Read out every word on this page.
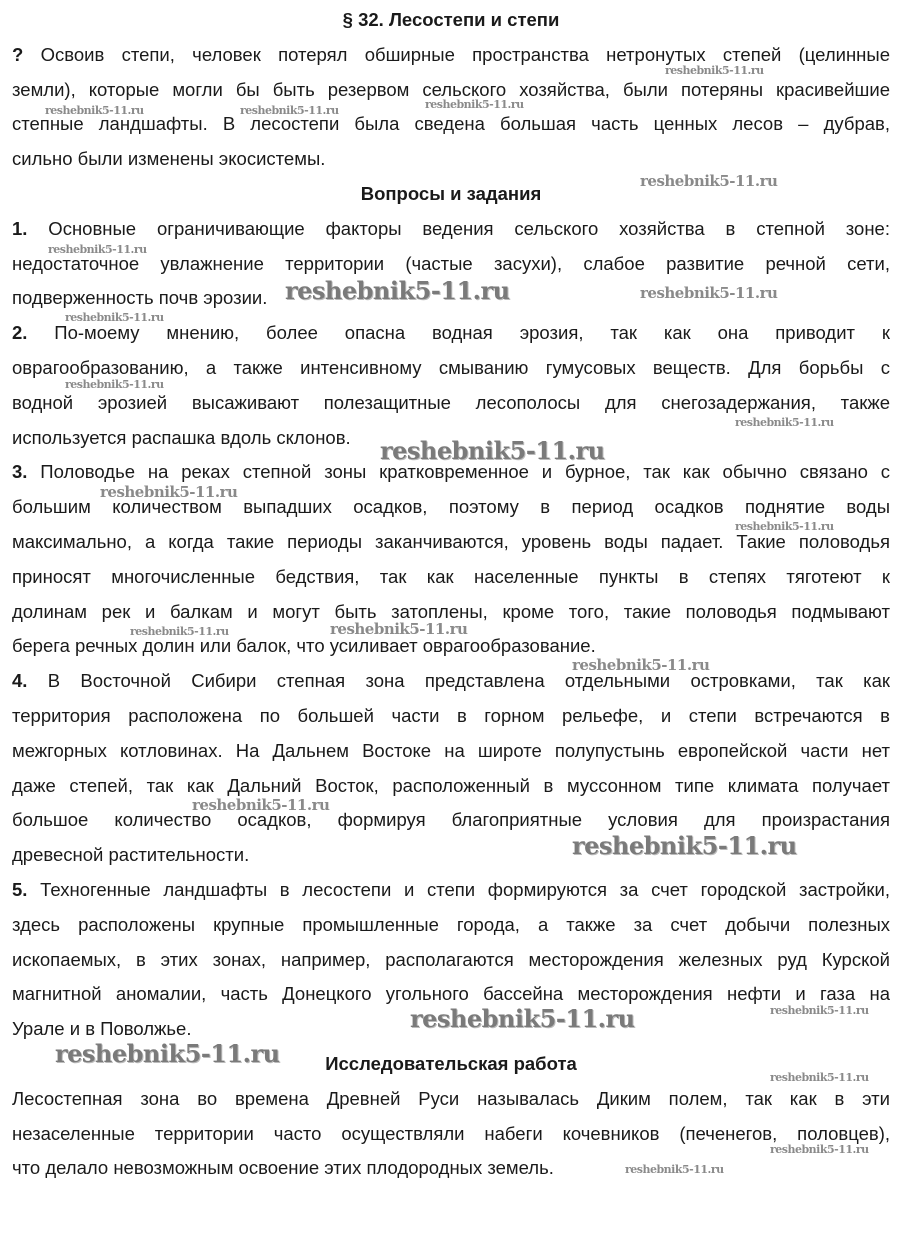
§ 32. Лесостепи и степи
? Освоив степи, человек потерял обширные пространства нетронутых степей (целинные
земли), которые могли бы быть резервом сельского хозяйства, были потеряны красивейшие
степные ландшафты. В лесостепи была сведена большая часть ценных лесов – дубрав,
сильно были изменены экосистемы.
Вопросы и задания
1. Основные ограничивающие факторы ведения сельского хозяйства в степной зоне:
недостаточное увлажнение территории (частые засухи), слабое развитие речной сети,
подверженность почв эрозии.
2. По-моему мнению, более опасна водная эрозия, так как она приводит к
оврагообразованию, а также интенсивному смыванию гумусовых веществ. Для борьбы с
водной эрозией высаживают полезащитные лесополосы для снегозадержания, также
используется распашка вдоль склонов.
3. Половодье на реках степной зоны кратковременное и бурное, так как обычно связано с
большим количеством выпадших осадков, поэтому в период осадков поднятие воды
максимально, а когда такие периоды заканчиваются, уровень воды падает. Такие половодья
приносят многочисленные бедствия, так как населенные пункты в степях тяготеют к
долинам рек и балкам и могут быть затоплены, кроме того, такие половодья подмывают
берега речных долин или балок, что усиливает оврагообразование.
4. В Восточной Сибири степная зона представлена отдельными островками, так как
территория расположена по большей части в горном рельефе, и степи встречаются в
межгорных котловинах. На Дальнем Востоке на широте полупустынь европейской части нет
даже степей, так как Дальний Восток, расположенный в муссонном типе климата получает
большое количество осадков, формируя благоприятные условия для произрастания
древесной растительности.
5. Техногенные ландшафты в лесостепи и степи формируются за счет городской застройки,
здесь расположены крупные промышленные города, а также за счет добычи полезных
ископаемых, в этих зонах, например, располагаются месторождения железных руд Курской
магнитной аномалии, часть Донецкого угольного бассейна месторождения нефти и газа на
Урале и в Поволжье.
Исследовательская работа
Лесостепная зона во времена Древней Руси называлась Диким полем, так как в эти
незаселенные территории часто осуществляли набеги кочевников (печенегов, половцев),
что делало невозможным освоение этих плодородных земель.
reshebnik5-11.ru
reshebnik5-11.ru	reshebnik5-11.ru	reshebnik5-11.ru
reshebnik5-11.ru
reshebnik5-11.ru
reshebnik5-11.ru
reshebnik5-11.ru
reshebnik5-11.ru
reshebnik5-11.ru
reshebnik5-11.ru
reshebnik5-11.ru
reshebnik5-11.ru
reshebnik5-11.ru
reshebnik5-11.ru
reshebnik5-11.ru
reshebnik5-11.ru
reshebnik5-11.ru
reshebnik5-11.ru
reshebnik5-11.ru
reshebnik5-11.ru
reshebnik5-11.ru
reshebnik5-11.ru
reshebnik5-11.ru
reshebnik5-11.ru
